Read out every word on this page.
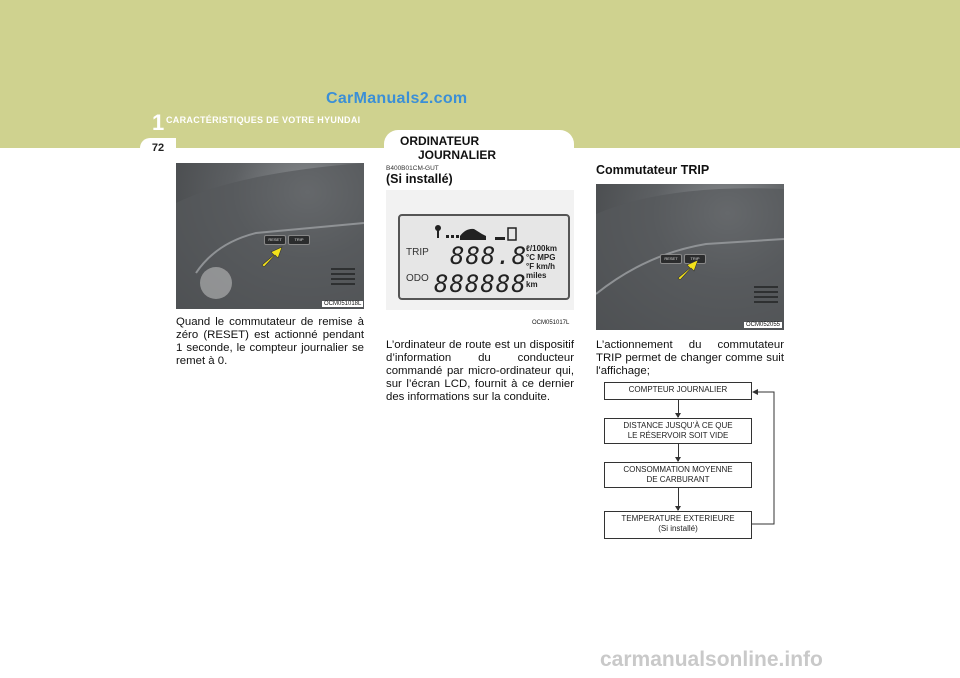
1 CARACTÉRISTIQUES DE VOTRE HYUNDAI
CarManuals2.com
72	ORDINATEUR
JOURNALIER
RESET	TRIP
OCM051018L
Quand le commutateur de remise à zéro (RESET) est actionné pendant 1 seconde, le compteur journalier se remet à 0.
B400B01CM-GUT
(Si installé)
TRIP
ODO
888.8
888888
ℓ/100km
°C MPG
°F km/h
miles
km
OCM051017L
L’ordinateur de route est un dispositif d’information du conducteur commandé par micro-ordinateur qui, sur l’écran LCD, fournit à ce dernier des informations sur la conduite.
Commutateur TRIP
RESET	TRIP
OCM052055
L’actionnement du commutateur TRIP permet de changer comme suit l'affichage;
COMPTEUR JOURNALIER
DISTANCE JUSQU’À CE QUE
LE RÉSERVOIR SOIT VIDE
CONSOMMATION MOYENNE
DE CARBURANT
TEMPERATURE EXTERIEURE
(Si installé)
carmanualsonline.info
